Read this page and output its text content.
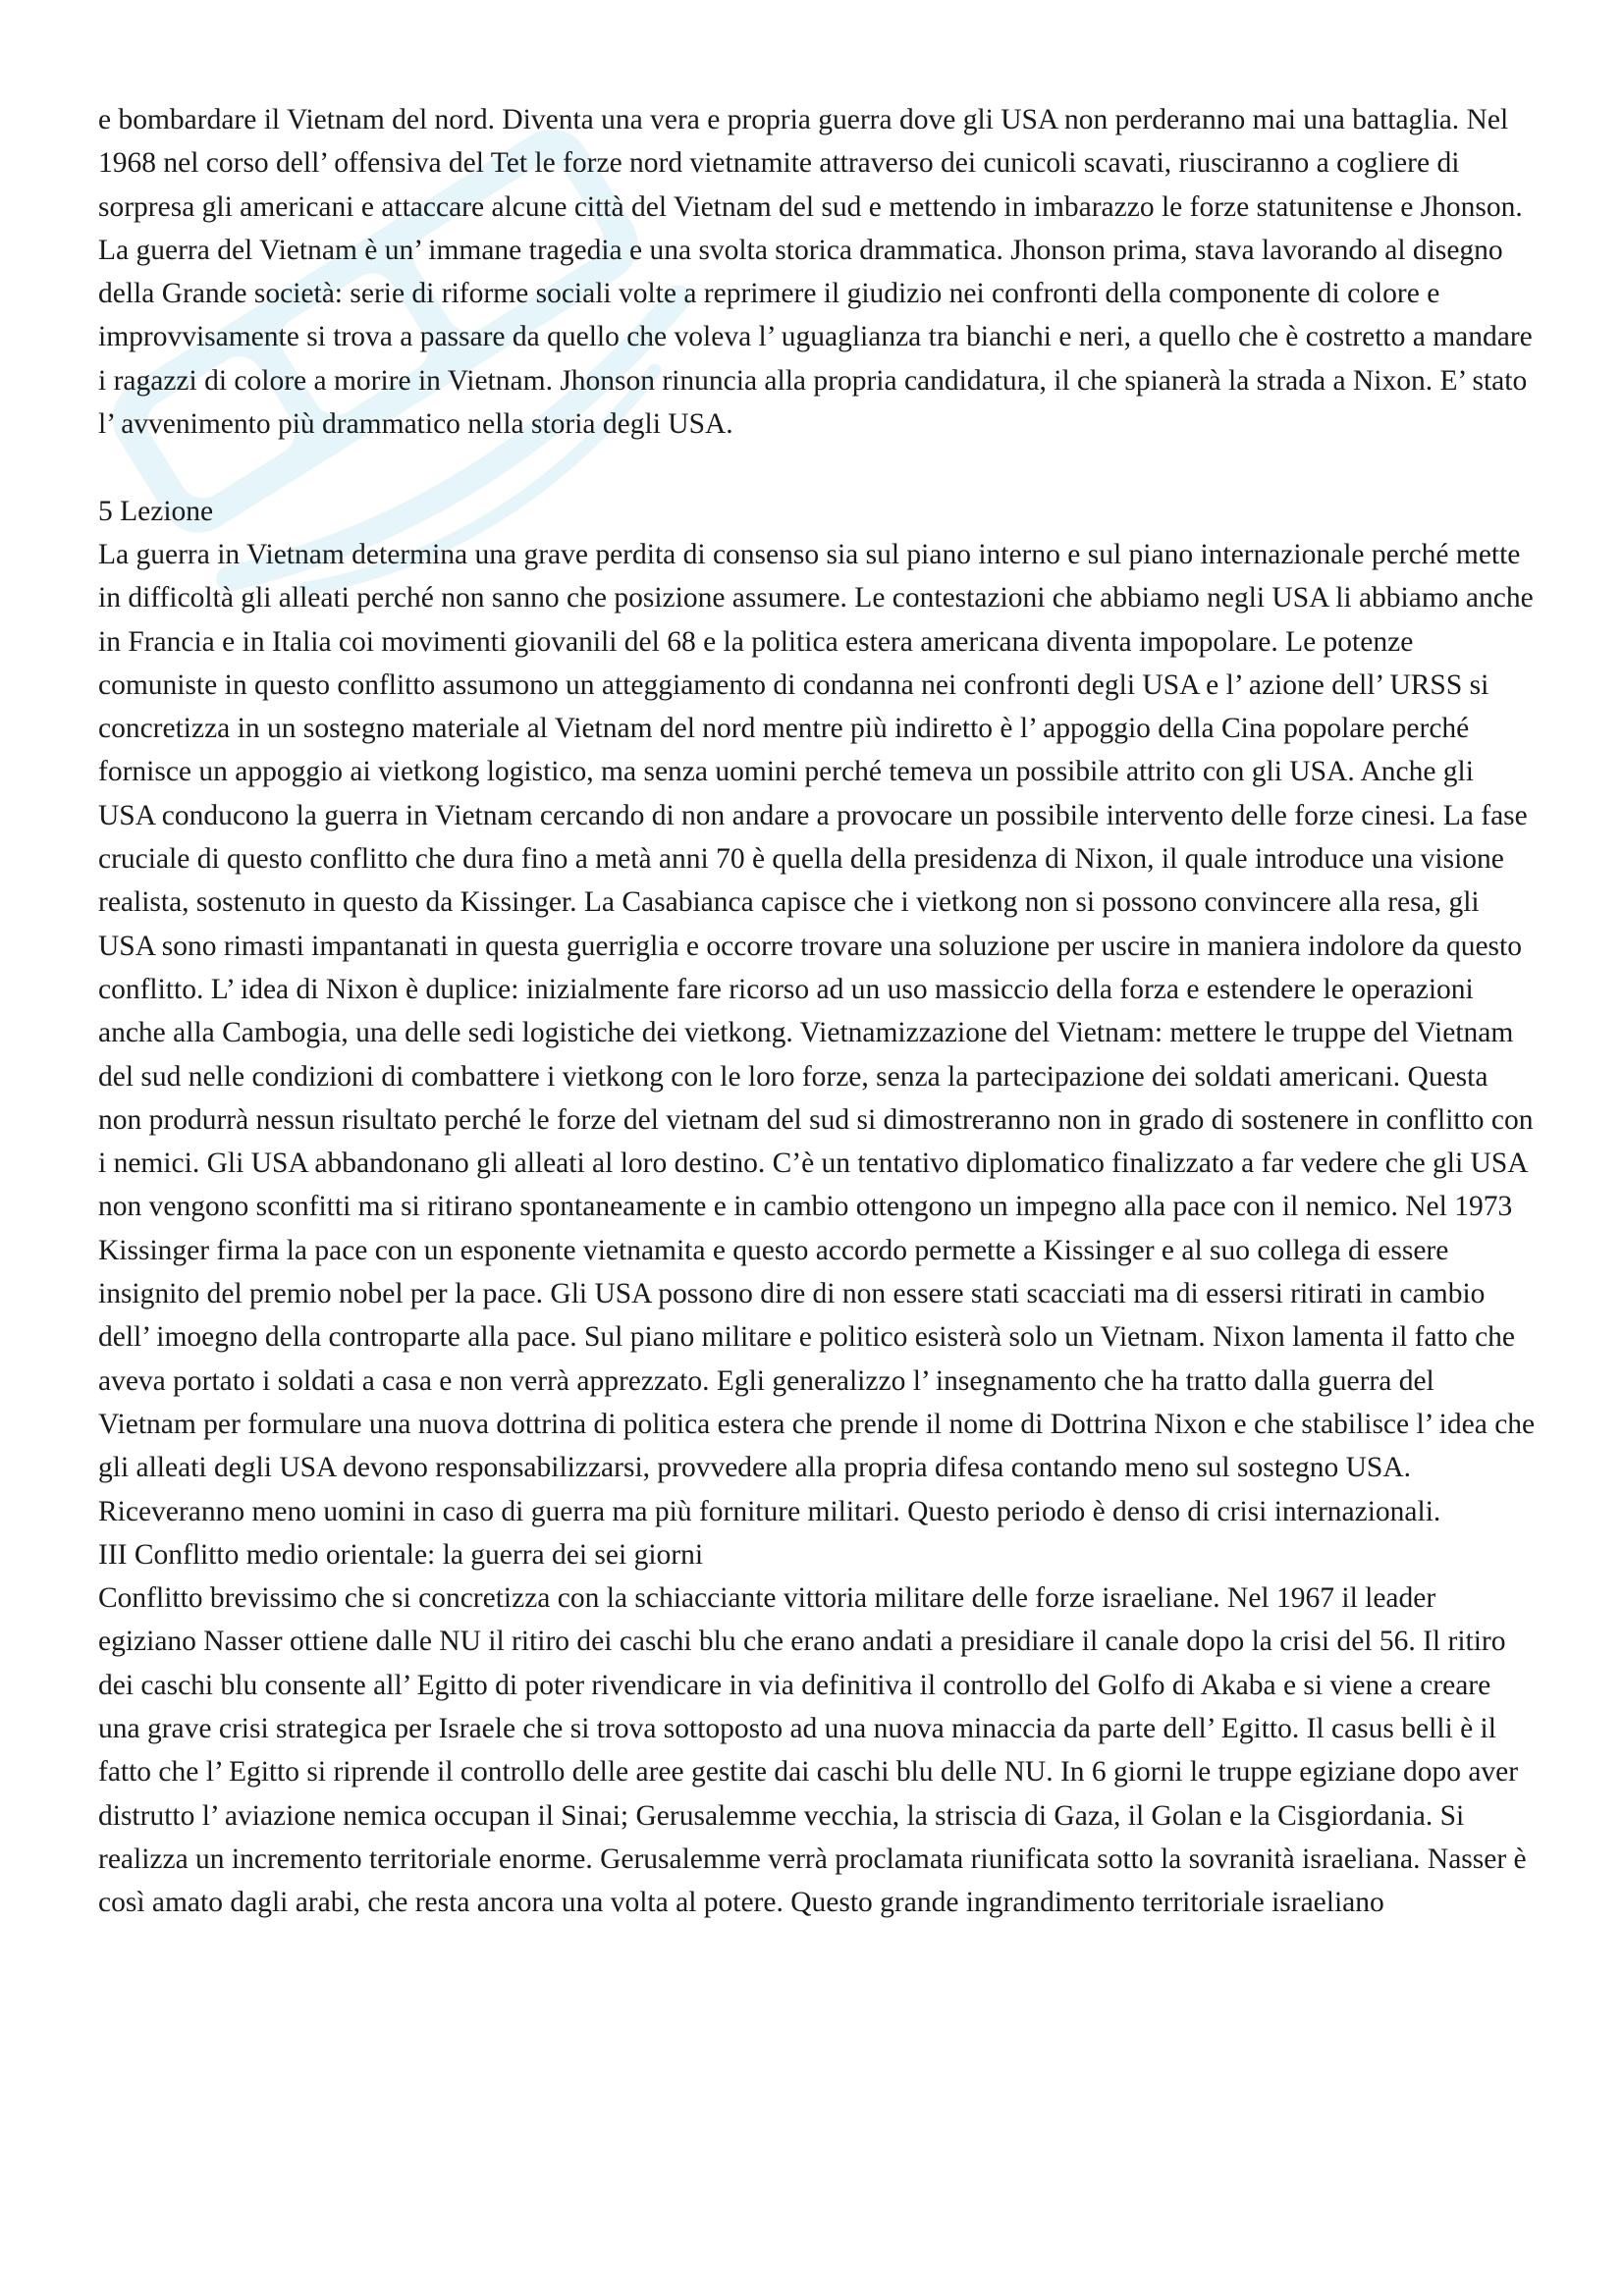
e bombardare il Vietnam del nord. Diventa una vera e propria guerra dove gli USA non perderanno mai una battaglia. Nel 1968 nel corso dell’ offensiva del Tet le forze nord vietnamite attraverso dei cunicoli scavati, riusciranno a cogliere di sorpresa gli americani e attaccare alcune città del Vietnam del sud e mettendo in imbarazzo le forze statunitense e Jhonson. La guerra del Vietnam è un’ immane tragedia e una svolta storica drammatica. Jhonson prima, stava lavorando al disegno della Grande società: serie di riforme sociali volte a reprimere il giudizio nei confronti della componente di colore e improvvisamente si trova a passare da quello che voleva l’ uguaglianza tra bianchi e neri, a quello che è costretto a mandare i ragazzi di colore a morire in Vietnam. Jhonson rinuncia alla propria candidatura, il che spianerà la strada a Nixon. E’ stato l’ avvenimento più drammatico nella storia degli USA.

5 Lezione

La guerra in Vietnam determina una grave perdita di consenso sia sul piano interno e sul piano internazionale perché mette in difficoltà gli alleati perché non sanno che posizione assumere. Le contestazioni che abbiamo negli USA li abbiamo anche in Francia e in Italia coi movimenti giovanili del 68 e la politica estera americana diventa impopolare. Le potenze comuniste in questo conflitto assumono un atteggiamento di condanna nei confronti degli USA e l’ azione dell’ URSS si concretizza in un sostegno materiale al Vietnam del nord mentre più indiretto è l’ appoggio della Cina popolare perché fornisce un appoggio ai vietkong logistico, ma senza uomini perché temeva un possibile attrito con gli USA. Anche gli USA conducono la guerra in Vietnam cercando di non andare a provocare un possibile intervento delle forze cinesi. La fase cruciale di questo conflitto che dura fino a metà anni 70 è quella della presidenza di Nixon, il quale introduce una visione realista, sostenuto in questo da Kissinger. La Casabianca capisce che i vietkong non si possono convincere alla resa, gli USA sono rimasti impantanati in questa guerriglia e occorre trovare una soluzione per uscire in maniera indolore da questo conflitto. L’ idea di Nixon è duplice: inizialmente fare ricorso ad un uso massiccio della forza e estendere le operazioni anche alla Cambogia, una delle sedi logistiche dei vietkong. Vietnamizzazione del Vietnam: mettere le truppe del Vietnam del sud nelle condizioni di combattere i vietkong con le loro forze, senza la partecipazione dei soldati americani. Questa non produrrà nessun risultato perché le forze del vietnam del sud si dimostreranno non in grado di sostenere in conflitto con i nemici. Gli USA abbandonano gli alleati al loro destino. C’è un tentativo diplomatico finalizzato a far vedere che gli USA non vengono sconfitti ma si ritirano spontaneamente e in cambio ottengono un impegno alla pace con il nemico. Nel 1973 Kissinger firma la pace con un esponente vietnamita e questo accordo permette a Kissinger e al suo collega di essere insignito del premio nobel per la pace. Gli USA possono dire di non essere stati scacciati ma di essersi ritirati in cambio dell’ imoegno della controparte alla pace. Sul piano militare e politico esisterà solo un Vietnam. Nixon lamenta il fatto che aveva portato i soldati a casa e non verrà apprezzato. Egli generalizzo l’ insegnamento che ha tratto dalla guerra del Vietnam per formulare una nuova dottrina di politica estera che prende il nome di Dottrina Nixon e che stabilisce l’ idea che gli alleati degli USA devono responsabilizzarsi, provvedere alla propria difesa contando meno sul sostegno USA. Riceveranno meno uomini in caso di guerra ma più forniture militari. Questo periodo è denso di crisi internazionali.

III Conflitto medio orientale: la guerra dei sei giorni

Conflitto brevissimo che si concretizza con la schiacciante vittoria militare delle forze israeliane. Nel 1967 il leader egiziano Nasser ottiene dalle NU il ritiro dei caschi blu che erano andati a presidiare il canale dopo la crisi del 56. Il ritiro dei caschi blu consente all’ Egitto di poter rivendicare in via definitiva il controllo del Golfo di Akaba e si viene a creare una grave crisi strategica per Israele che si trova sottoposto ad una nuova minaccia da parte dell’ Egitto. Il casus belli è il fatto che l’ Egitto si riprende il controllo delle aree gestite dai caschi blu delle NU. In 6 giorni le truppe egiziane dopo aver distrutto l’ aviazione nemica occupan il Sinai; Gerusalemme vecchia, la striscia di Gaza, il Golan e la Cisgiordania. Si realizza un incremento territoriale enorme. Gerusalemme verrà proclamata riunificata sotto la sovranità israeliana. Nasser è così amato dagli arabi, che resta ancora una volta al potere. Questo grande ingrandimento territoriale israeliano
